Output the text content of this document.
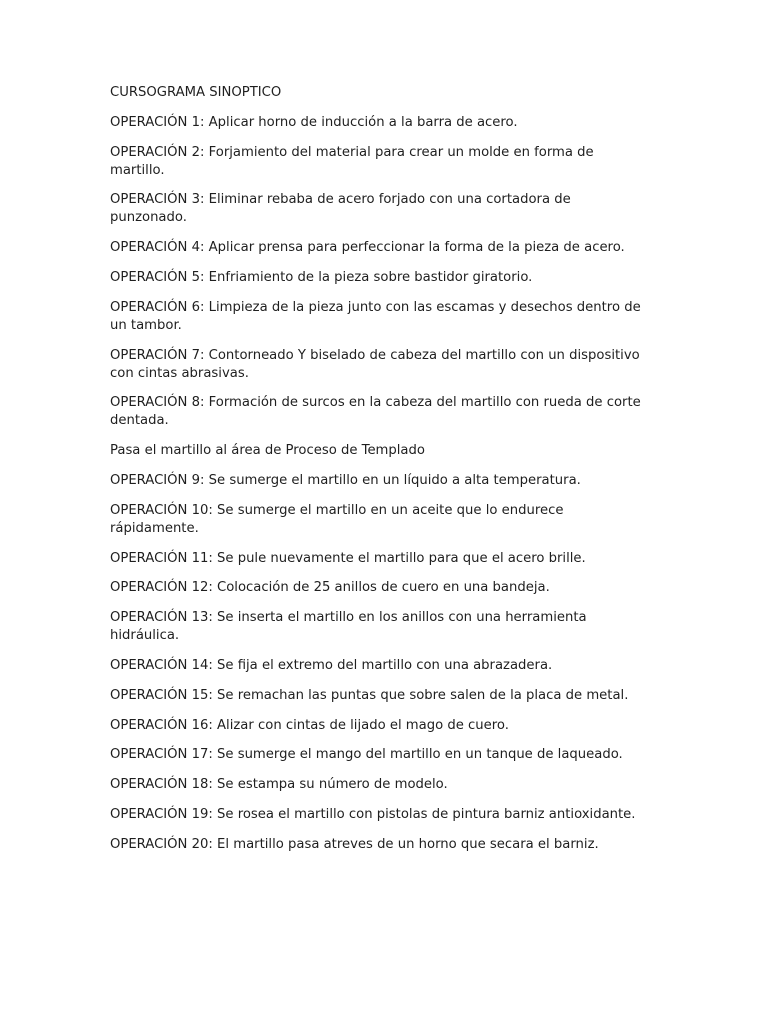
CURSOGRAMA SINOPTICO

OPERACIÓN 1: Aplicar horno de inducción a la barra de acero.

OPERACIÓN 2: Forjamiento del material para crear un molde en forma de martillo.

OPERACIÓN 3: Eliminar rebaba de acero forjado con una cortadora de punzonado.

OPERACIÓN 4: Aplicar prensa para perfeccionar la forma de la pieza de acero.

OPERACIÓN 5: Enfriamiento de la pieza sobre bastidor giratorio.

OPERACIÓN 6: Limpieza de la pieza junto con las escamas y desechos dentro de un tambor.

OPERACIÓN 7: Contorneado Y biselado de cabeza del martillo con un dispositivo con cintas abrasivas.

OPERACIÓN 8: Formación de surcos en la cabeza del martillo con rueda de corte dentada.

Pasa el martillo al área de Proceso de Templado

OPERACIÓN 9: Se sumerge el martillo en un líquido a alta temperatura.

OPERACIÓN 10: Se sumerge el martillo en un aceite que lo endurece rápidamente.

OPERACIÓN 11: Se pule nuevamente el martillo para que el acero brille.

OPERACIÓN 12: Colocación de 25 anillos de cuero en una bandeja.

OPERACIÓN 13: Se inserta el martillo en los anillos con una herramienta hidráulica.

OPERACIÓN 14: Se fija el extremo del martillo con una abrazadera.

OPERACIÓN 15: Se remachan las puntas que sobre salen de la placa de metal.

OPERACIÓN 16: Alizar con cintas de lijado el mago de cuero.

OPERACIÓN 17: Se sumerge el mango del martillo en un tanque de laqueado.

OPERACIÓN 18: Se estampa su número de modelo.

OPERACIÓN 19: Se rosea el martillo con pistolas de pintura barniz antioxidante.

OPERACIÓN 20: El martillo pasa atreves de un horno que secara el barniz.
